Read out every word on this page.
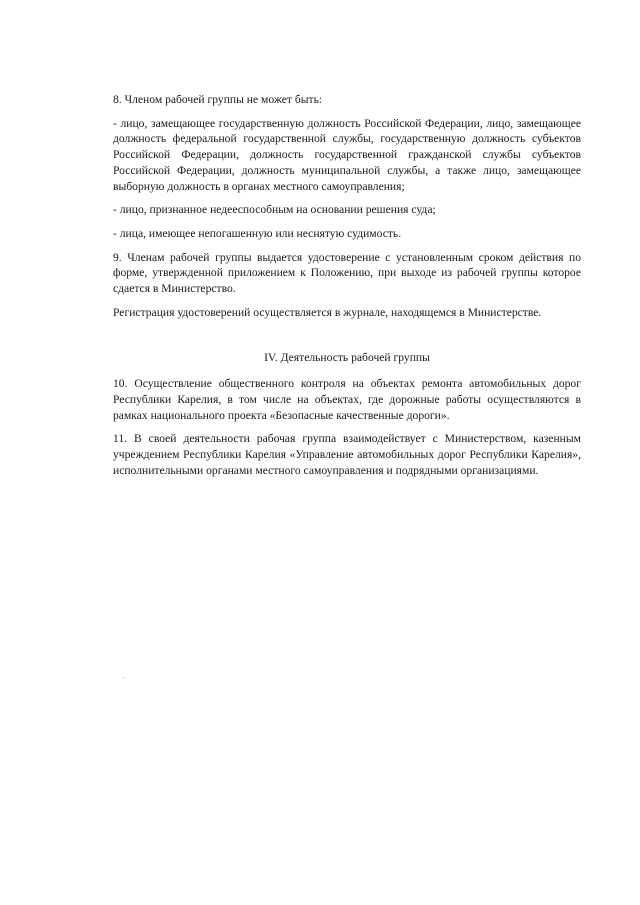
8. Членом рабочей группы не может быть:

- лицо, замещающее государственную должность Российской Федерации, лицо, замещающее должность федеральной государственной службы, государственную должность субъектов Российской Федерации, должность государственной гражданской службы субъектов Российской Федерации, должность муниципальной службы, а также лицо, замещающее выборную должность в органах местного самоуправления;

- лицо, признанное недееспособным на основании решения суда;

- лица, имеющее непогашенную или неснятую судимость.

9. Членам рабочей группы выдается удостоверение с установленным сроком действия по форме, утвержденной приложением к Положению, при выходе из рабочей группы которое сдается в Министерство.

Регистрация удостоверений осуществляется в журнале, находящемся в Министерстве.

IV. Деятельность рабочей группы

10. Осуществление общественного контроля на объектах ремонта автомобильных дорог Республики Карелия, в том числе на объектах, где дорожные работы осуществляются в рамках национального проекта «Безопасные качественные дороги».

11. В своей деятельности рабочая группа взаимодействует с Министерством, казенным учреждением Республики Карелия «Управление автомобильных дорог Республики Карелия», исполнительными органами местного самоуправления и подрядными организациями.
